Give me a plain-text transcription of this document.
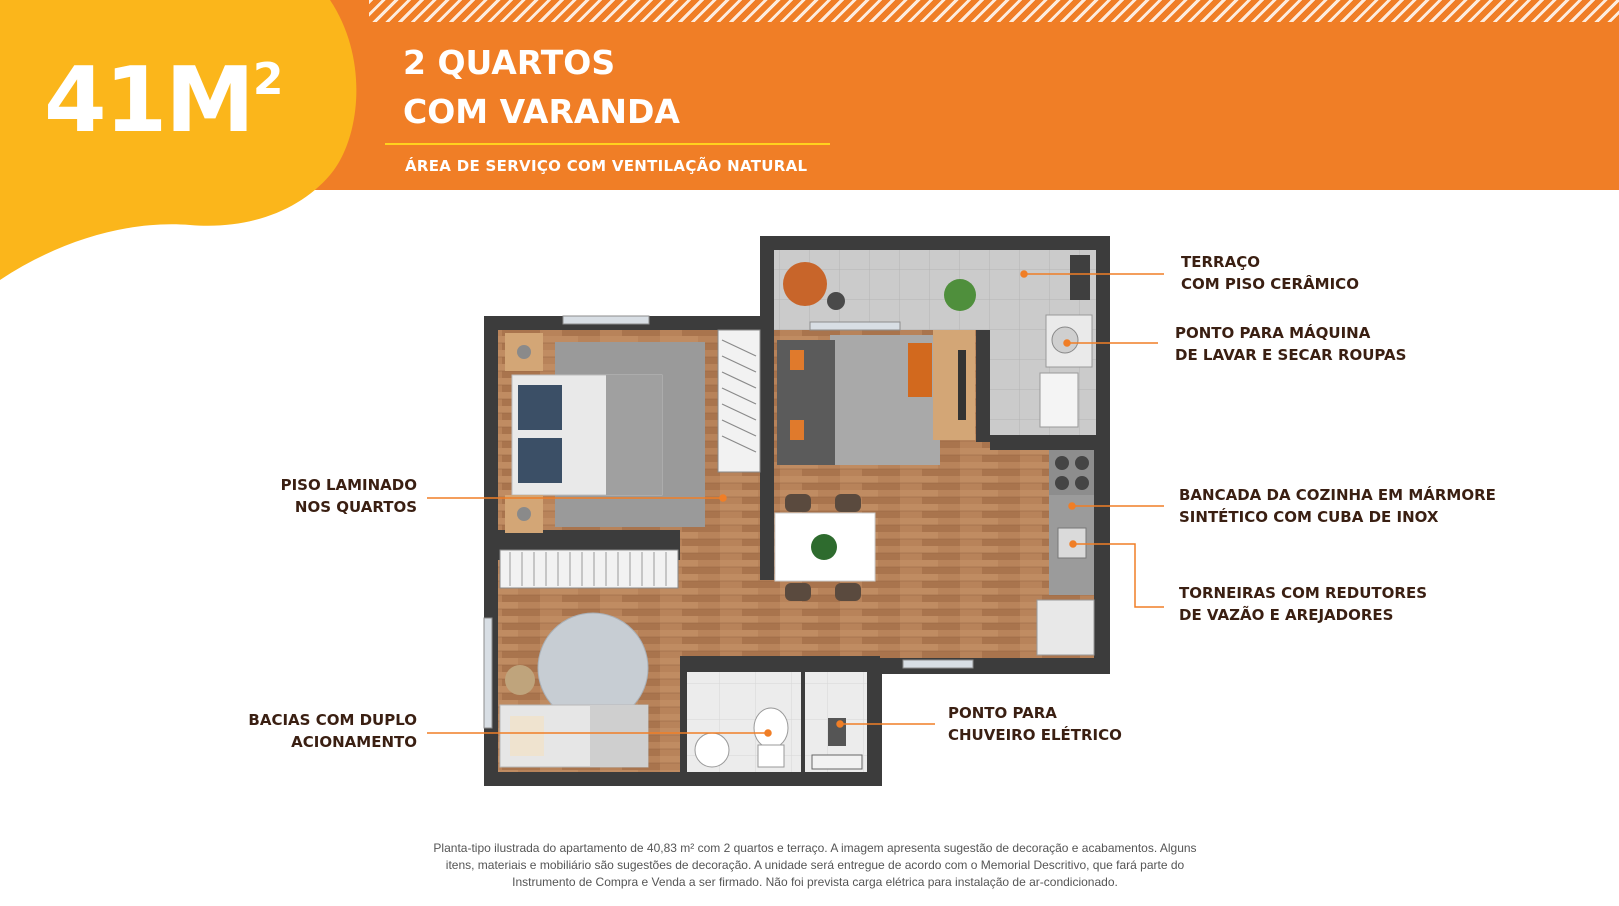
$41M^2$	2 QUARTOS
COM VARANDA
ÁREA DE SERVIÇO COM VENTILAÇÃO NATURAL
TERRAÇO
COM PISO CERÂMICO
PONTO PARA MÁQUINA
DE LAVAR E SECAR ROUPAS
PISO LAMINADO
NOS QUARTOS
BANCADA DA COZINHA EM MÁRMORE
SINTÉTICO COM CUBA DE INOX
TORNEIRAS COM REDUTORES
DE VAZÃO E AREJADORES
BACIAS COM DUPLO
ACIONAMENTO
PONTO PARA
CHUVEIRO ELÉTRICO
Planta-tipo ilustrada do apartamento de 40,83 m² com 2 quartos e terraço. A imagem apresenta sugestão de decoração e acabamentos. Alguns
itens, materiais e mobiliário são sugestões de decoração. A unidade será entregue de acordo com o Memorial Descritivo, que fará parte do
Instrumento de Compra e Venda a ser firmado. Não foi prevista carga elétrica para instalação de ar-condicionado.
